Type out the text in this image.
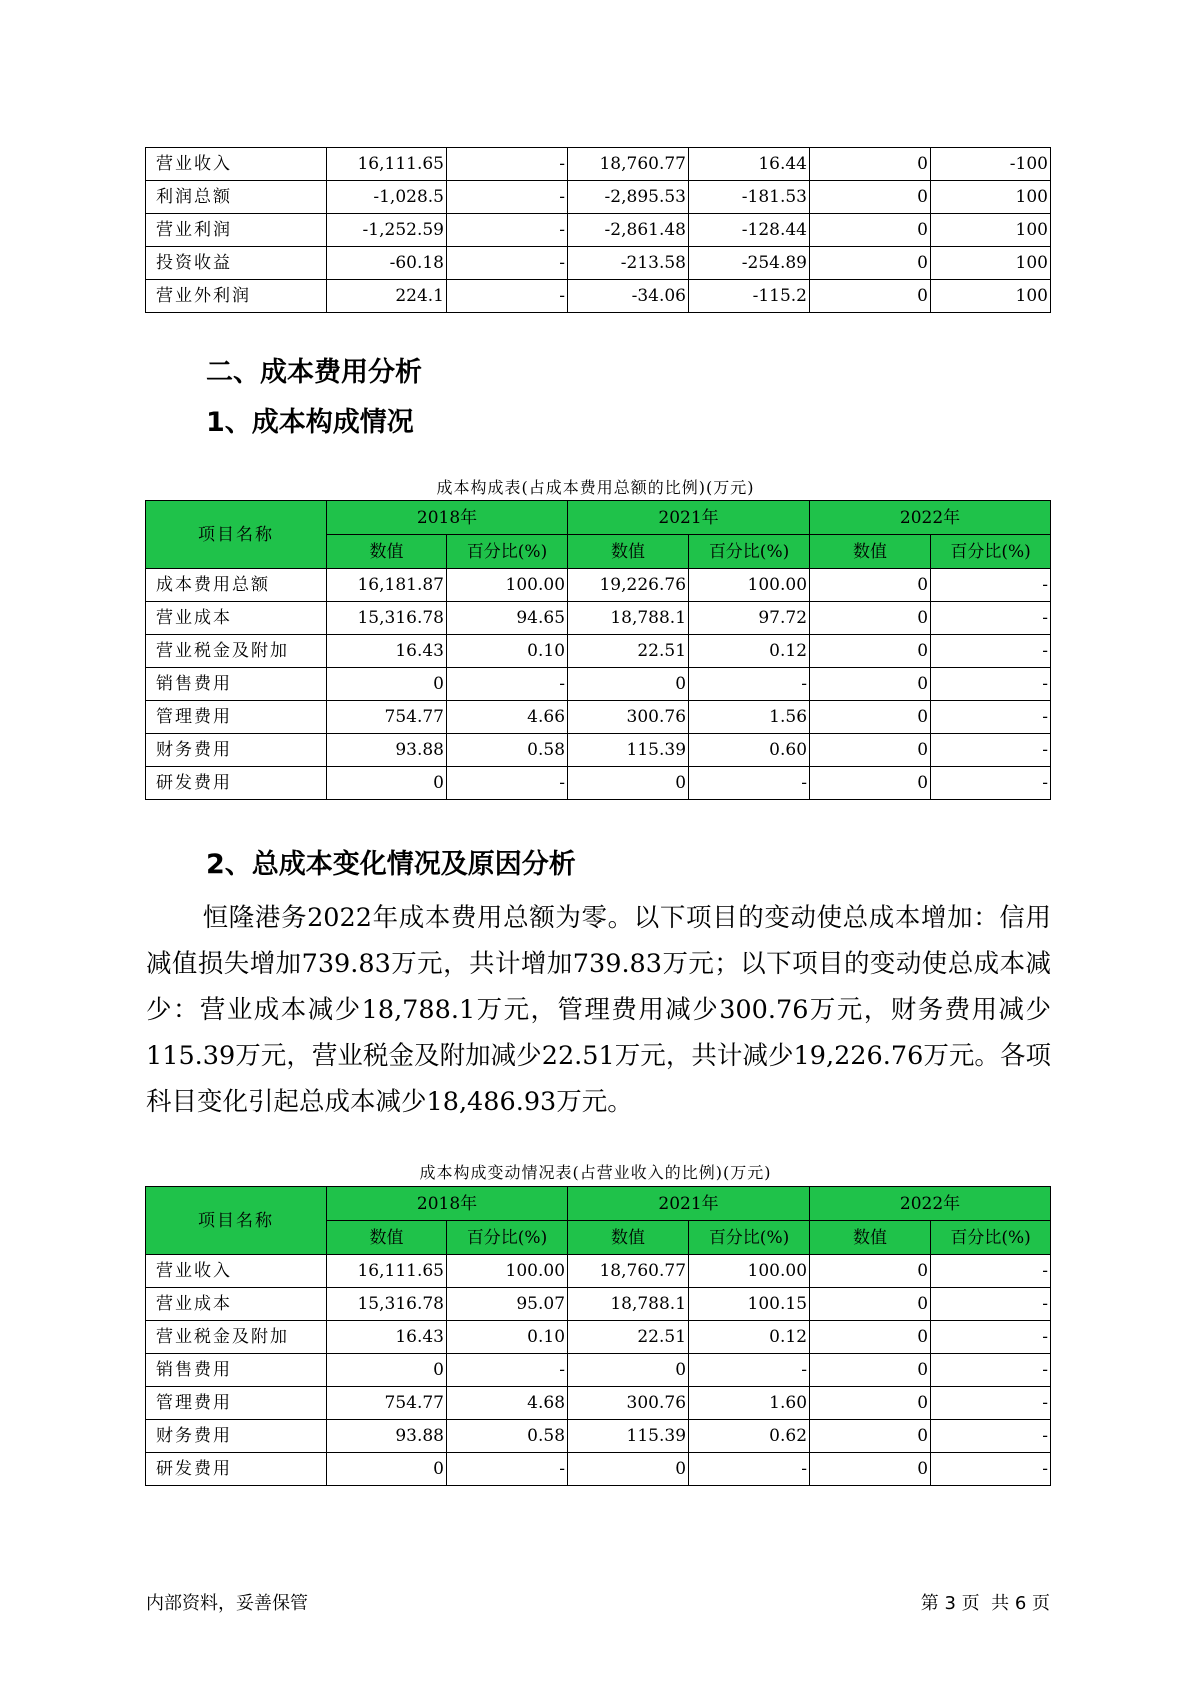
营业收入	16,111.65	-	18,760.77	16.44	0	-100
利润总额	-1,028.5	-	-2,895.53	-181.53	0	100
营业利润	-1,252.59	-	-2,861.48	-128.44	0	100
投资收益	-60.18	-	-213.58	-254.89	0	100
营业外利润	224.1	-	-34.06	-115.2	0	100
二、成本费用分析
1、成本构成情况
成本构成表(占成本费用总额的比例)(万元)
项目名称	2018年		2021年		2022年	
	数值	百分比(%)	数值	百分比(%)	数值	百分比(%)
成本费用总额	16,181.87	100.00	19,226.76	100.00	0	-
营业成本	15,316.78	94.65	18,788.1	97.72	0	-
营业税金及附加	16.43	0.10	22.51	0.12	0	-
销售费用	0	-	0	-	0	-
管理费用	754.77	4.66	300.76	1.56	0	-
财务费用	93.88	0.58	115.39	0.60	0	-
研发费用	0	-	0	-	0	-
2、总成本变化情况及原因分析
恒隆港务2022年成本费用总额为零。以下项目的变动使总成本增加：信用减值损失增加739.83万元，共计增加739.83万元；以下项目的变动使总成本减少：营业成本减少18,788.1万元，管理费用减少300.76万元，财务费用减少115.39万元，营业税金及附加减少22.51万元，共计减少19,226.76万元。各项科目变化引起总成本减少18,486.93万元。
成本构成变动情况表(占营业收入的比例)(万元)
项目名称	2018年		2021年		2022年	
	数值	百分比(%)	数值	百分比(%)	数值	百分比(%)
营业收入	16,111.65	100.00	18,760.77	100.00	0	-
营业成本	15,316.78	95.07	18,788.1	100.15	0	-
营业税金及附加	16.43	0.10	22.51	0.12	0	-
销售费用	0	-	0	-	0	-
管理费用	754.77	4.68	300.76	1.60	0	-
财务费用	93.88	0.58	115.39	0.62	0	-
研发费用	0	-	0	-	0	-
内部资料，妥善保管	第 3 页  共 6 页
